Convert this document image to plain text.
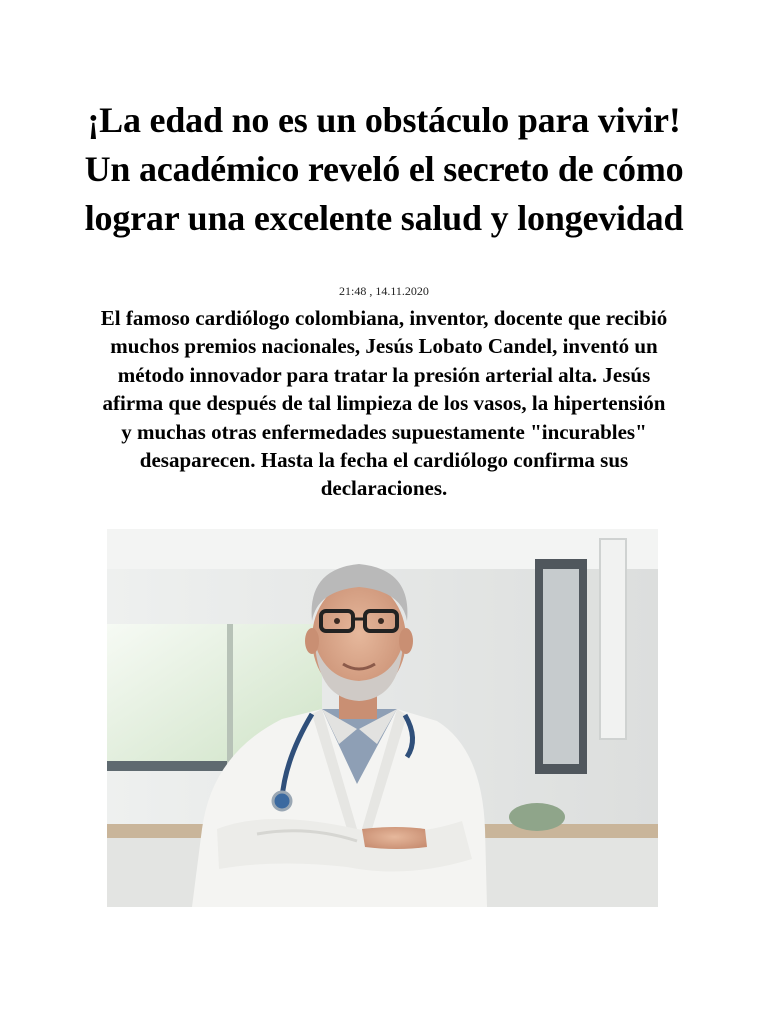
¡La edad no es un obstáculo para vivir! Un académico reveló el secreto de cómo lograr una excelente salud y longevidad
21:48 , 14.11.2020

El famoso cardiólogo colombiana, inventor, docente que recibió muchos premios nacionales, Jesús Lobato Candel, inventó un método innovador para tratar la presión arterial alta. Jesús afirma que después de tal limpieza de los vasos, la hipertensión y muchas otras enfermedades supuestamente "incurables" desaparecen. Hasta la fecha el cardiólogo confirma sus declaraciones.
